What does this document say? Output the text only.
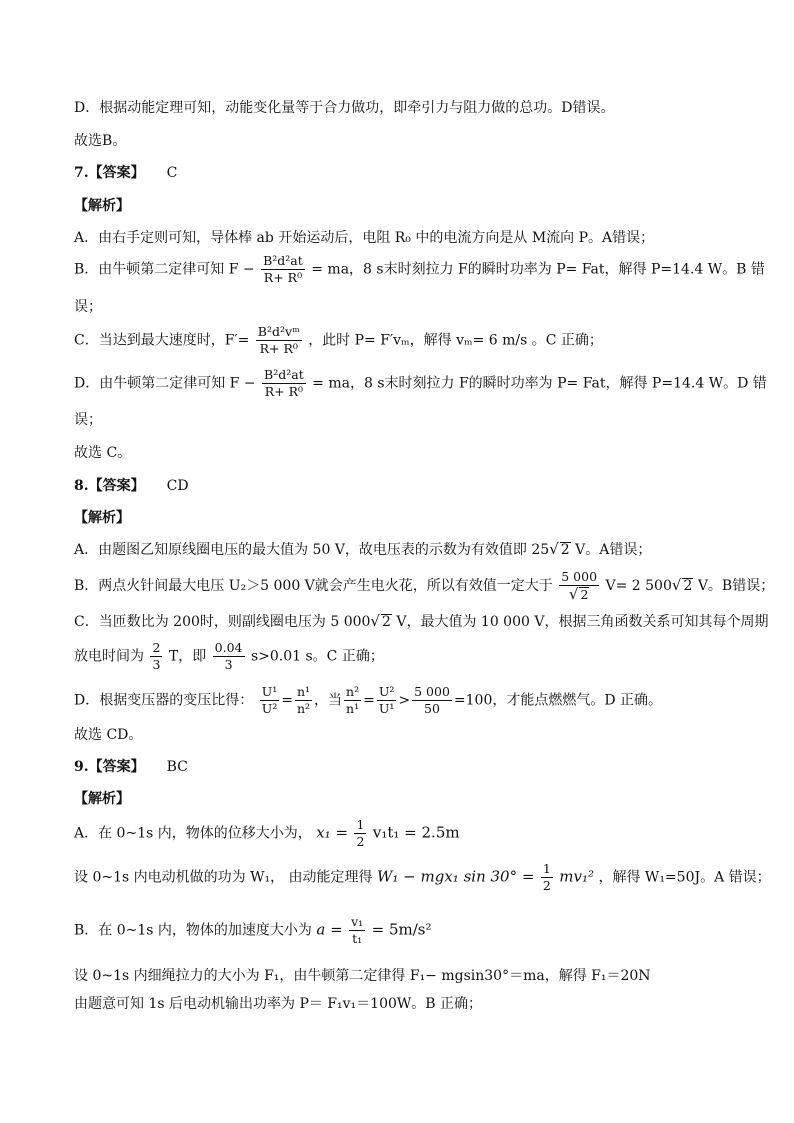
D．根据动能定理可知，动能变化量等于合力做功，即牵引力与阻力做的总功。D错误。
故选B。
7.【答案】 C
【解析】
A．由右手定则可知，导体棒 ab 开始运动后，电阻 R₀ 中的电流方向是从 M流向 P。A错误；
B．由牛顿第二定律可知 $F - \frac{\text{B²d²at}}{\text{R+ R⁰}}$ = ma，8 s末时刻拉力 F的瞬时功率为 P= Fat，解得 P=14.4 W。B 错
误；
C．当达到最大速度时，$F'= \frac{\text{B²d²vᵐ}}{\text{R+ R⁰}}$ ，此时 P= F′vₘ，解得 vₘ= 6 m/s 。C 正确；
D．由牛顿第二定律可知 $F - \frac{\text{B²d²at}}{\text{R+ R⁰}}$ = ma，8 s末时刻拉力 F的瞬时功率为 P= Fat，解得 P=14.4 W。D 错
误；
故选 C。
8.【答案】 CD
【解析】
A．由题图乙知原线圈电压的最大值为 50 V，故电压表的示数为有效值即 25√ 2 V。A错误；
B．两点火针间最大电压 U₂＞5 000 V就会产生电火花，所以有效值一定大于 $\frac{5 000}{√ 2} V= 2$ 500√ 2 V。B错误；
C．当匝数比为 200时，则副线圈电压为 5 000√ 2 V，最大值为 10 000 V，根据三角函数关系可知其每个周期
放电时间为 $\frac{2}{3}$ T，即 $\frac{0.04}{3} s>0.01$ s。C 正确；
D．根据变压器的变压比得： $\frac{\text{U¹}}{\text{U²}} = \frac{\text{n¹}}{\text{n²}}$ ，当 $\frac{\text{n²}}{\text{n¹}} = \frac{\text{U²}}{\text{U¹}} > \frac{5 000}{50} =100$，才能点燃燃气。D 正确。
故选 CD。
9.【答案】 BC
【解析】
A．在 0~1s 内，物体的位移大小为， $x_1 = \frac{1}{2} v_1t_1 = 2.5m$
设 0~1s 内电动机做的功为 W₁， 由动能定理得 W₁ − mgx₁ $\sin 30^\circ = \frac{1}{2} mv_1^2$ ，解得 W₁=50J。A 错误；
B．在 0~1s 内，物体的加速度大小为 $a = \frac{\text{v₁}}{\text{t₁}} = 5m/s^2$
设 0~1s 内细绳拉力的大小为 F₁，由牛顿第二定律得 F₁− mgsin30°＝ma，解得 F₁＝20N
由题意可知 1s 后电动机输出功率为 P＝ F₁v₁＝100W。B 正确；
